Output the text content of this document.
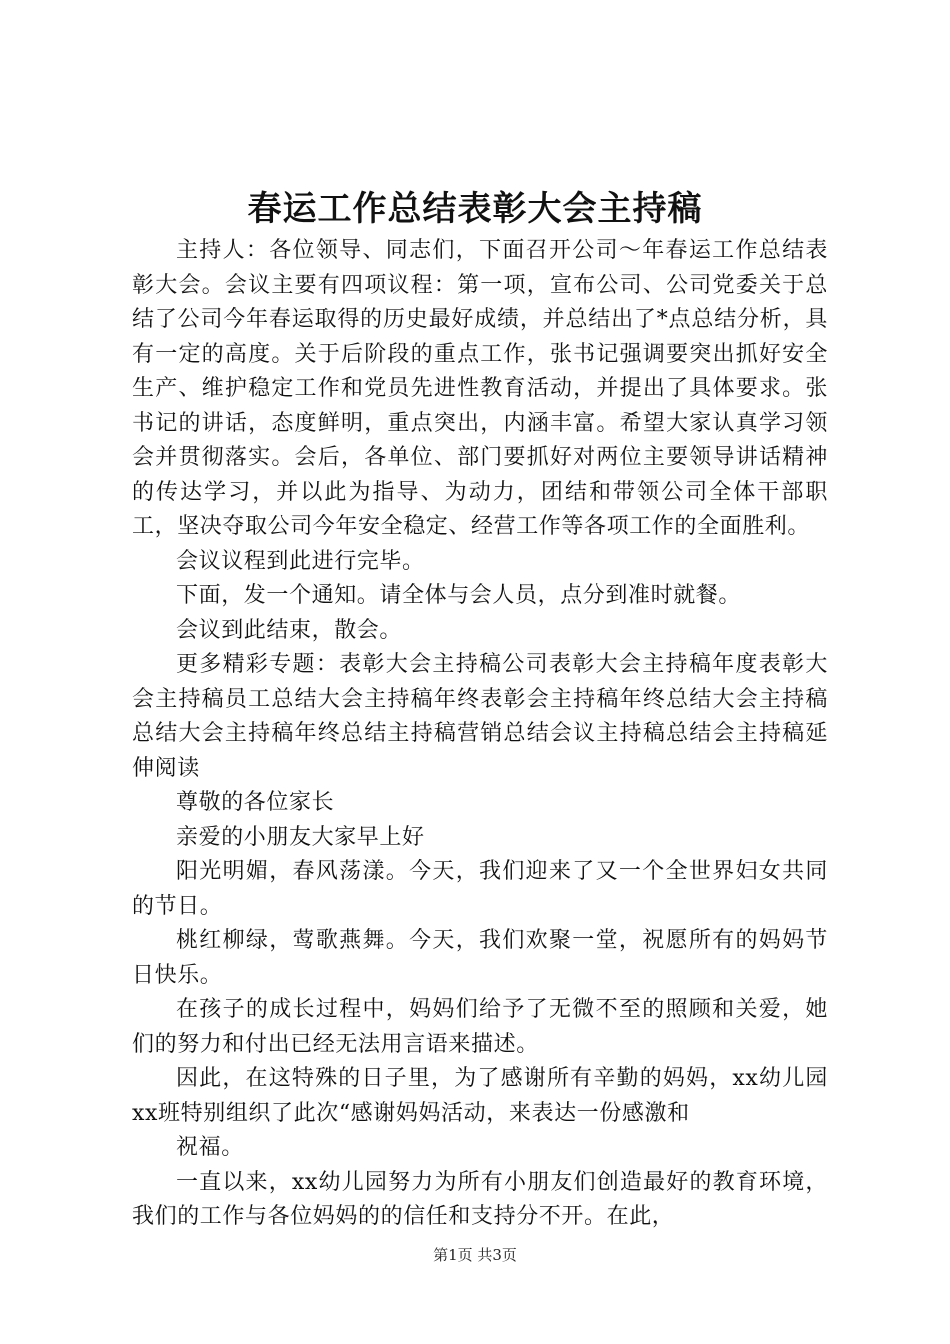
春运工作总结表彰大会主持稿

主持人：各位领导、同志们，下面召开公司～年春运工作总结表彰大会。会议主要有四项议程：第一项，宣布公司、公司党委关于总结了公司今年春运取得的历史最好成绩，并总结出了*点总结分析，具有一定的高度。关于后阶段的重点工作，张书记强调要突出抓好安全生产、维护稳定工作和党员先进性教育活动，并提出了具体要求。张书记的讲话，态度鲜明，重点突出，内涵丰富。希望大家认真学习领会并贯彻落实。会后，各单位、部门要抓好对两位主要领导讲话精神的传达学习，并以此为指导、为动力，团结和带领公司全体干部职工，坚决夺取公司今年安全稳定、经营工作等各项工作的全面胜利。

会议议程到此进行完毕。

下面，发一个通知。请全体与会人员，点分到准时就餐。

会议到此结束，散会。

更多精彩专题：表彰大会主持稿公司表彰大会主持稿年度表彰大会主持稿员工总结大会主持稿年终表彰会主持稿年终总结大会主持稿总结大会主持稿年终总结主持稿营销总结会议主持稿总结会主持稿延伸阅读

尊敬的各位家长

亲爱的小朋友大家早上好

阳光明媚，春风荡漾。今天，我们迎来了又一个全世界妇女共同的节日。

桃红柳绿，莺歌燕舞。今天，我们欢聚一堂，祝愿所有的妈妈节日快乐。

在孩子的成长过程中，妈妈们给予了无微不至的照顾和关爱，她们的努力和付出已经无法用言语来描述。

因此，在这特殊的日子里，为了感谢所有辛勤的妈妈，xx幼儿园xx班特别组织了此次“感谢妈妈活动，来表达一份感激和

祝福。

一直以来，xx幼儿园努力为所有小朋友们创造最好的教育环境，我们的工作与各位妈妈的的信任和支持分不开。在此，

第1页 共3页
